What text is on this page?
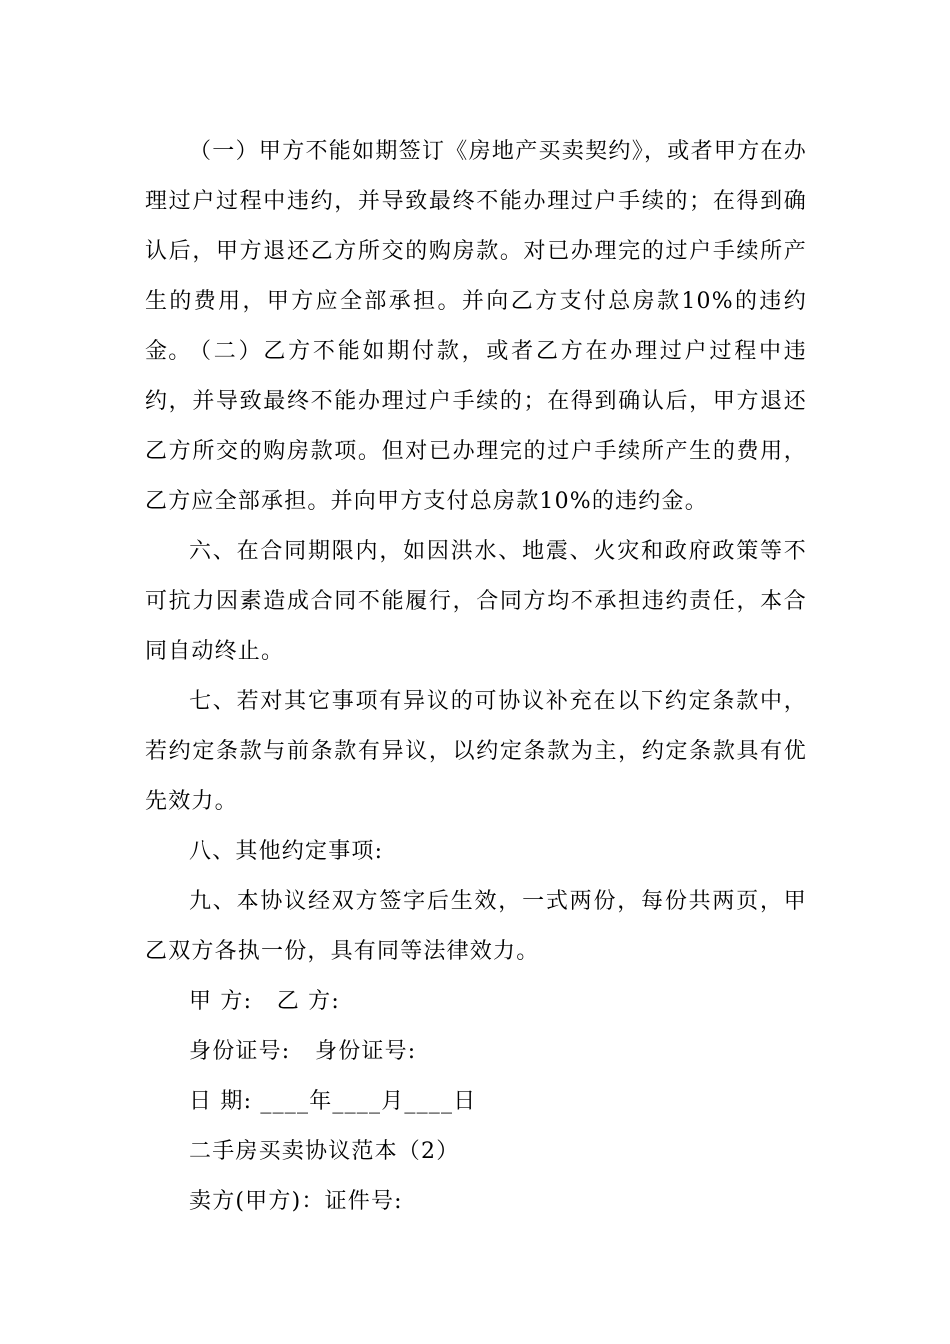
（一）甲方不能如期签订《房地产买卖契约》，或者甲方在办理过户过程中违约，并导致最终不能办理过户手续的；在得到确认后，甲方退还乙方所交的购房款。对已办理完的过户手续所产生的费用，甲方应全部承担。并向乙方支付总房款10%的违约金。

（二）乙方不能如期付款，或者乙方在办理过户过程中违约，并导致最终不能办理过户手续的；在得到确认后，甲方退还乙方所交的购房款项。但对已办理完的过户手续所产生的费用，乙方应全部承担。并向甲方支付总房款10%的违约金。

六、在合同期限内，如因洪水、地震、火灾和政府政策等不可抗力因素造成合同不能履行，合同方均不承担违约责任，本合同自动终止。

七、若对其它事项有异议的可协议补充在以下约定条款中，若约定条款与前条款有异议，以约定条款为主，约定条款具有优先效力。

八、其他约定事项:

九、本协议经双方签字后生效，一式两份，每份共两页，甲乙双方各执一份，具有同等法律效力。

甲 方:   乙 方:

身份证号:   身份证号:

日 期: ____年____月____日

二手房买卖协议范本（2）

卖方(甲方)：证件号:
